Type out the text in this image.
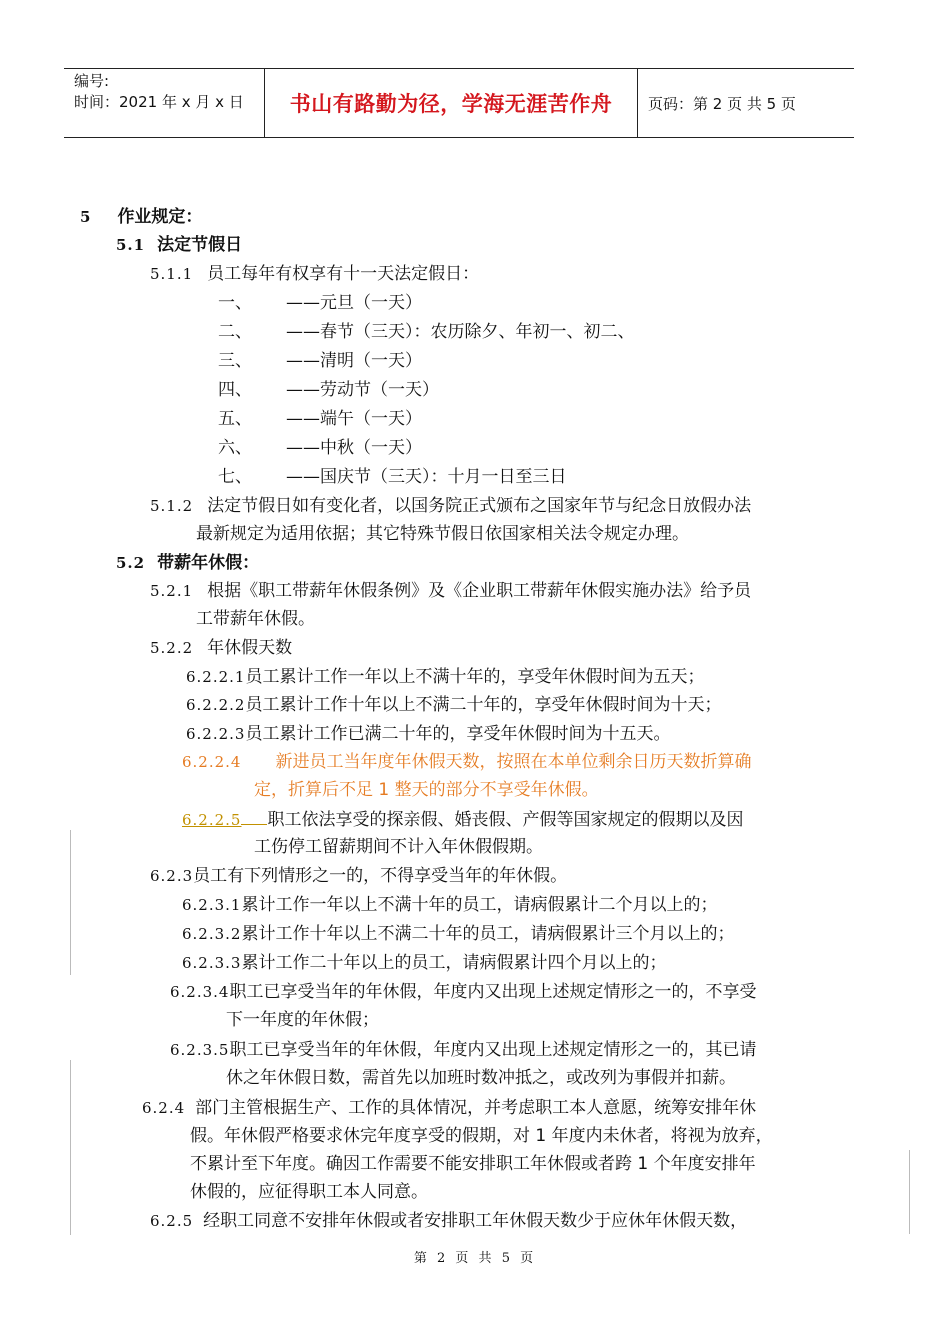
编号:
时间：2021 年 x 月 x 日	书山有路勤为径，学海无涯苦作舟	页码：第 2 页 共 5 页
5 作业规定：
5.1 法定节假日
5.1.1 员工每年有权享有十一天法定假日：
一、 ——元旦（一天）
二、 ——春节（三天）：农历除夕、年初一、初二、
三、 ——清明（一天）
四、 ——劳动节（一天）
五、 ——端午（一天）
六、 ——中秋（一天）
七、 ——国庆节（三天）：十月一日至三日
5.1.2 法定节假日如有变化者，以国务院正式颁布之国家年节与纪念日放假办法
最新规定为适用依据；其它特殊节假日依国家相关法令规定办理。
5.2 带薪年休假：
5.2.1 根据《职工带薪年休假条例》及《企业职工带薪年休假实施办法》给予员
工带薪年休假。
5.2.2 年休假天数
6.2.2.1员工累计工作一年以上不满十年的，享受年休假时间为五天；
6.2.2.2员工累计工作十年以上不满二十年的，享受年休假时间为十天；
6.2.2.3员工累计工作已满二十年的，享受年休假时间为十五天。
6.2.2.4 新进员工当年度年休假天数，按照在本单位剩余日历天数折算确
定，折算后不足 1 整天的部分不享受年休假。
6.2.2.5 职工依法享受的探亲假、婚丧假、产假等国家规定的假期以及因
工伤停工留薪期间不计入年休假假期。
6.2.3员工有下列情形之一的，不得享受当年的年休假。
6.2.3.1累计工作一年以上不满十年的员工，请病假累计二个月以上的；
6.2.3.2累计工作十年以上不满二十年的员工，请病假累计三个月以上的；
6.2.3.3累计工作二十年以上的员工，请病假累计四个月以上的；
6.2.3.4职工已享受当年的年休假，年度内又出现上述规定情形之一的，不享受
下一年度的年休假；
6.2.3.5职工已享受当年的年休假，年度内又出现上述规定情形之一的，其已请
休之年休假日数，需首先以加班时数冲抵之，或改列为事假并扣薪。
6.2.4 部门主管根据生产、工作的具体情况，并考虑职工本人意愿，统筹安排年休
假。年休假严格要求休完年度享受的假期，对 1 年度内未休者，将视为放弃，
不累计至下年度。确因工作需要不能安排职工年休假或者跨 1 个年度安排年
休假的，应征得职工本人同意。
6.2.5 经职工同意不安排年休假或者安排职工年休假天数少于应休年休假天数，
第 2 页 共 5 页
